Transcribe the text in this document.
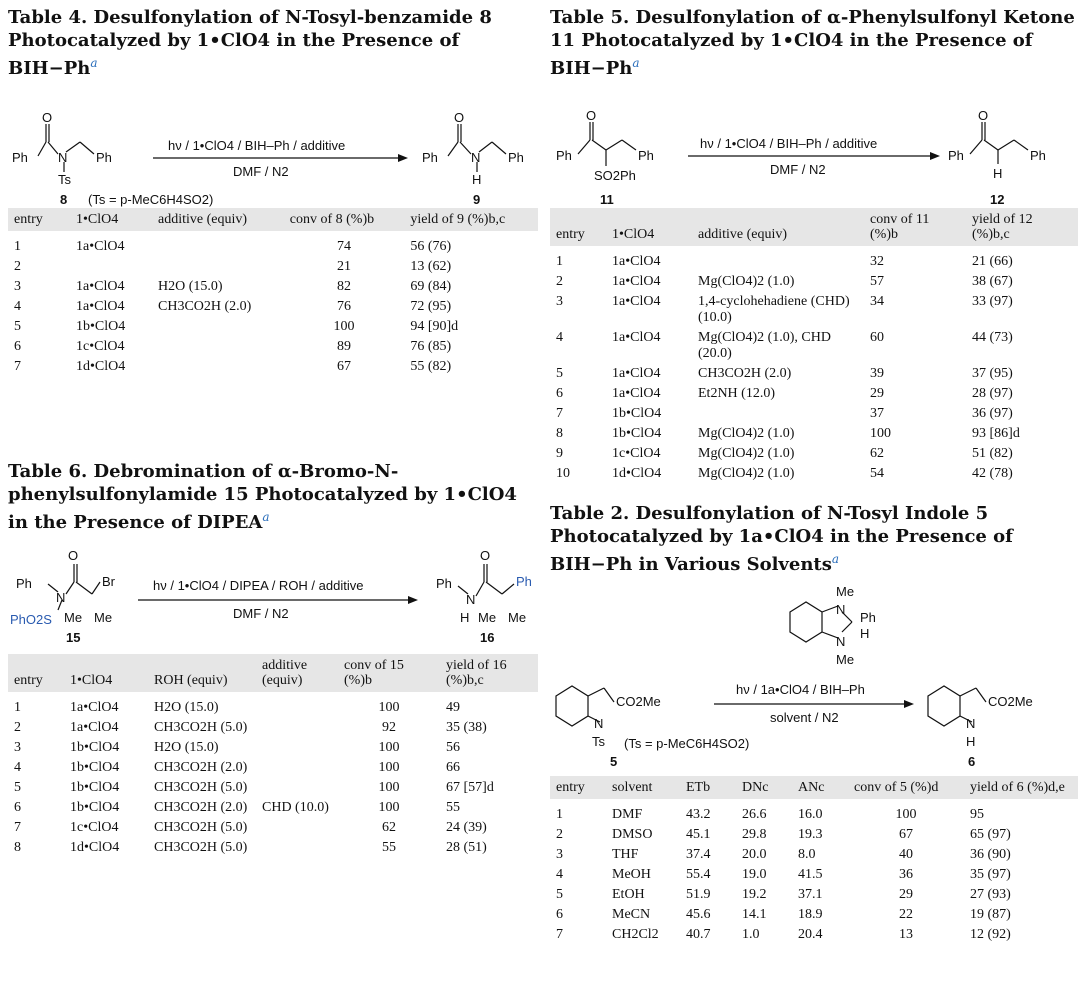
Table 4. Desulfonylation of N-Tosyl-benzamide 8 Photocatalyzed by 1•ClO4 in the Presence of $BIH-Ph^a$
O
Ph N Ph
Ts
8 (Ts = p-MeC6H4SO2)
hν / 1•ClO4 / BIH–Ph / additive
DMF / N2
O
Ph	N Ph
H
9
entry	1•ClO4	additive (equiv)	conv of 8 (%)b	yield of 9 (%)b,c
1	1a•ClO4		74	56 (76)
2			21	13 (62)
3	1a•ClO4	H2O (15.0)	82	69 (84)
4	1a•ClO4	CH3CO2H (2.0)	76	72 (95)
5	1b•ClO4		100	94 [90]d
6	1c•ClO4		89	76 (85)
7	1d•ClO4		67	55 (82)
Table 5. Desulfonylation of α-Phenylsulfonyl Ketone 11 Photocatalyzed by 1•ClO4 in the Presence of $BIH-Ph^a$
O
Ph	Ph
SO2Ph
11
hν / 1•ClO4 / BIH–Ph / additive
DMF / N2
O
Ph	Ph
H
12
entry	1•ClO4	additive (equiv)	conv of 11 (%)b	yield of 12 (%)b,c
1	1a•ClO4		32	21 (66)
2	1a•ClO4	Mg(ClO4)2 (1.0)	57	38 (67)
3	1a•ClO4	1,4-cyclohehadiene (CHD) (10.0)	34	33 (97)
4	1a•ClO4	Mg(ClO4)2 (1.0), CHD (20.0)	60	44 (73)
5	1a•ClO4	CH3CO2H (2.0)	39	37 (95)
6	1a•ClO4	Et2NH (12.0)	29	28 (97)
7	1b•ClO4		37	36 (97)
8	1b•ClO4	Mg(ClO4)2 (1.0)	100	93 [86]d
9	1c•ClO4	Mg(ClO4)2 (1.0)	62	51 (82)
10	1d•ClO4	Mg(ClO4)2 (1.0)	54	42 (78)
Table 6. Debromination of α-Bromo-N-phenylsulfonylamide 15 Photocatalyzed by 1•ClO4 in the Presence of DIPEA$^a$
O
Ph
N
Br
PhO2S Me Me
15
hν / 1•ClO4 / DIPEA / ROH / additive
DMF / N2
O
Ph
N
Ph
H Me Me
16
entry	1•ClO4	ROH (equiv)	additive (equiv)	conv of 15 (%)b	yield of 16 (%)b,c
1	1a•ClO4	H2O (15.0)		100	49
2	1a•ClO4	CH3CO2H (5.0)		92	35 (38)
3	1b•ClO4	H2O (15.0)		100	56
4	1b•ClO4	CH3CO2H (2.0)		100	66
5	1b•ClO4	CH3CO2H (5.0)		100	67 [57]d
6	1b•ClO4	CH3CO2H (2.0)	CHD (10.0)	100	55
7	1c•ClO4	CH3CO2H (5.0)		62	24 (39)
8	1d•ClO4	CH3CO2H (5.0)		55	28 (51)
Table 2. Desulfonylation of N-Tosyl Indole 5 Photocatalyzed by 1a•ClO4 in the Presence of BIH−Ph in Various Solvents$^a$
Me
N
Ph
H
N
Me
CO2Me
N
Ts (Ts = p-MeC6H4SO2)
5
hν / 1a•ClO4 / BIH–Ph
solvent / N2
CO2Me
N
H
6
entry	solvent	ETb	DNc	ANc	conv of 5 (%)d	yield of 6 (%)d,e
1	DMF	43.2	26.6	16.0	100	95
2	DMSO	45.1	29.8	19.3	67	65 (97)
3	THF	37.4	20.0	8.0	40	36 (90)
4	MeOH	55.4	19.0	41.5	36	35 (97)
5	EtOH	51.9	19.2	37.1	29	27 (93)
6	MeCN	45.6	14.1	18.9	22	19 (87)
7	CH2Cl2	40.7	1.0	20.4	13	12 (92)
